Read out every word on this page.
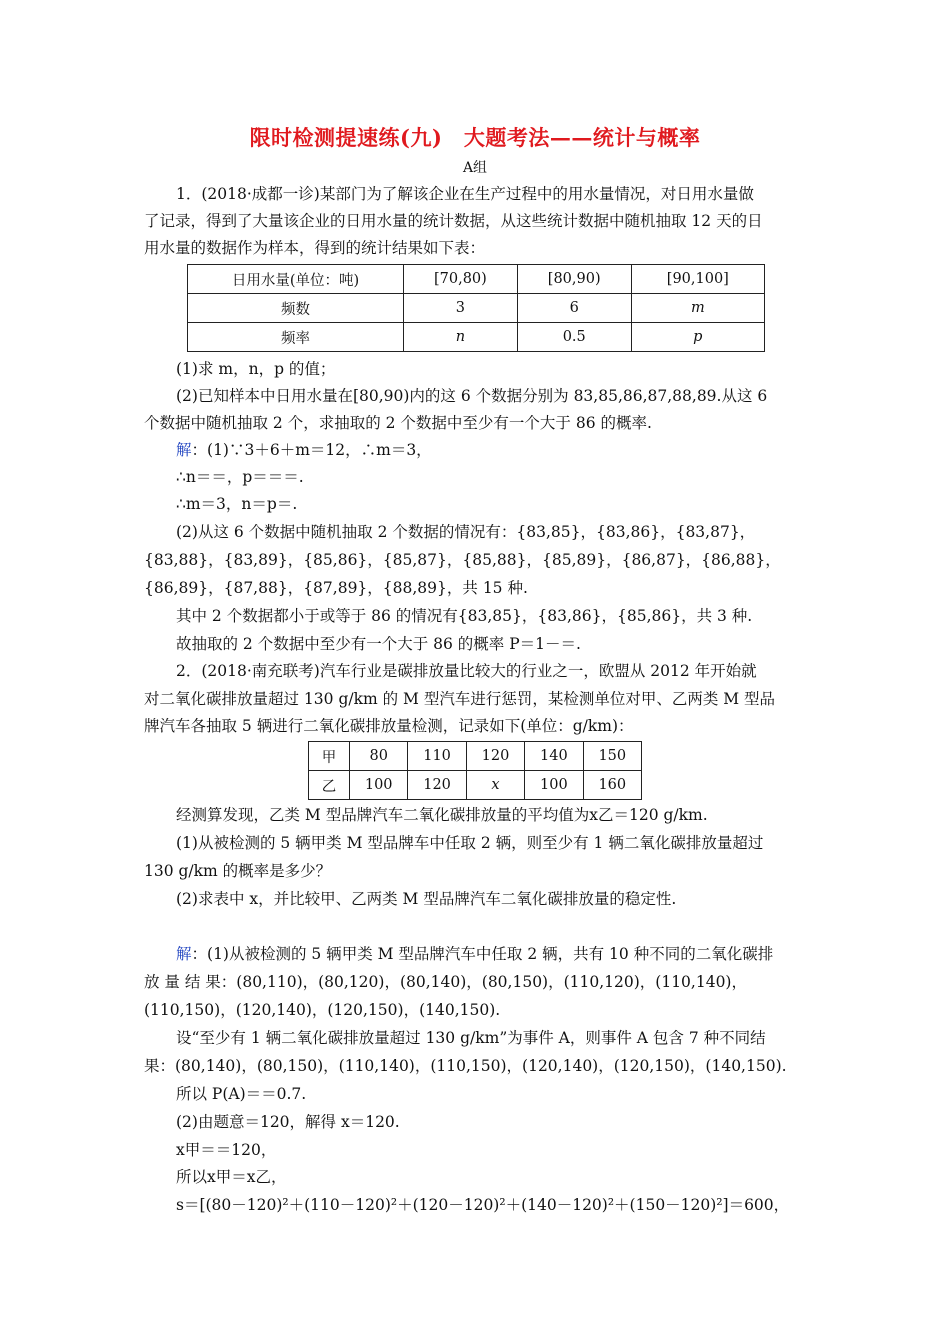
限时检测提速练(九)　大题考法——统计与概率
A组
1．(2018·成都一诊)某部门为了解该企业在生产过程中的用水量情况，对日用水量做
了记录，得到了大量该企业的日用水量的统计数据，从这些统计数据中随机抽取 12 天的日
用水量的数据作为样本，得到的统计结果如下表：
日用水量(单位：吨)	[70,80)	[80,90)	[90,100]
频数	3	6	m
频率	n	0.5	p
(1)求 m，n，p 的值；
(2)已知样本中日用水量在[80,90)内的这 6 个数据分别为 83,85,86,87,88,89.从这 6
个数据中随机抽取 2 个，求抽取的 2 个数据中至少有一个大于 86 的概率.
解：(1)∵3＋6＋m＝12，∴m＝3，
∴n＝＝，p＝＝＝.
∴m＝3，n＝p＝.
(2)从这 6 个数据中随机抽取 2 个数据的情况有：{83,85}，{83,86}，{83,87}，
{83,88}，{83,89}，{85,86}，{85,87}，{85,88}，{85,89}，{86,87}，{86,88}，
{86,89}，{87,88}，{87,89}，{88,89}，共 15 种.
其中 2 个数据都小于或等于 86 的情况有{83,85}，{83,86}，{85,86}，共 3 种.
故抽取的 2 个数据中至少有一个大于 86 的概率 P＝1－＝.
2．(2018·南充联考)汽车行业是碳排放量比较大的行业之一，欧盟从 2012 年开始就
对二氧化碳排放量超过 130 g/km 的 M 型汽车进行惩罚，某检测单位对甲、乙两类 M 型品
牌汽车各抽取 5 辆进行二氧化碳排放量检测，记录如下(单位：g/km)：
甲	80	110	120	140	150
乙	100	120	x	100	160
经测算发现，乙类 M 型品牌汽车二氧化碳排放量的平均值为x乙＝120 g/km.
(1)从被检测的 5 辆甲类 M 型品牌车中任取 2 辆，则至少有 1 辆二氧化碳排放量超过
130 g/km 的概率是多少？
(2)求表中 x，并比较甲、乙两类 M 型品牌汽车二氧化碳排放量的稳定性.
解：(1)从被检测的 5 辆甲类 M 型品牌汽车中任取 2 辆，共有 10 种不同的二氧化碳排
放 量 结 果：(80,110)，(80,120)，(80,140)，(80,150)，(110,120)，(110,140)，
(110,150)，(120,140)，(120,150)，(140,150).
设“至少有 1 辆二氧化碳排放量超过 130 g/km”为事件 A，则事件 A 包含 7 种不同结
果：(80,140)，(80,150)，(110,140)，(110,150)，(120,140)，(120,150)，(140,150).
所以 P(A)＝＝0.7.
(2)由题意＝120，解得 x＝120.
x甲＝＝120，
所以x甲＝x乙，
s＝[(80－120)²＋(110－120)²＋(120－120)²＋(140－120)²＋(150－120)²]＝600，
